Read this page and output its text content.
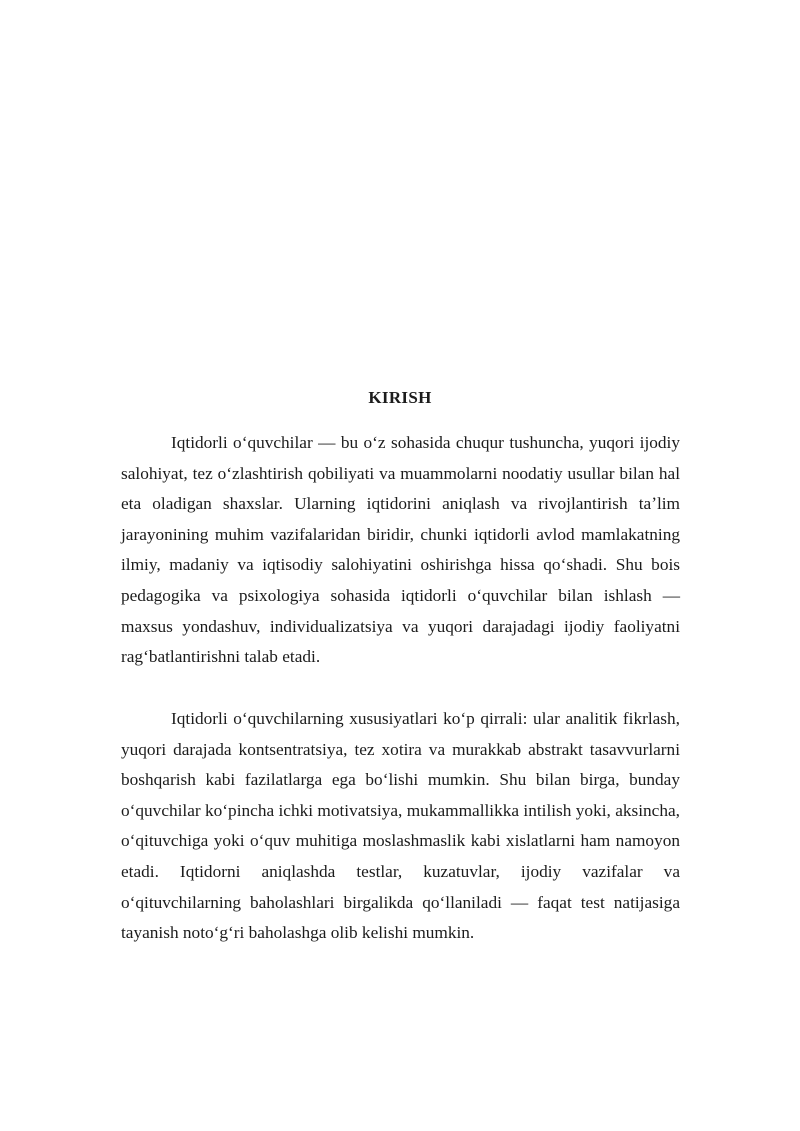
KIRISH

Iqtidorli oʻquvchilar — bu oʻz sohasida chuqur tushuncha, yuqori ijodiy salohiyat, tez oʻzlashtirish qobiliyati va muammolarni noodatiy usullar bilan hal eta oladigan shaxslar. Ularning iqtidorini aniqlash va rivojlantirish taʼlim jarayonining muhim vazifalaridan biridir, chunki iqtidorli avlod mamlakatning ilmiy, madaniy va iqtisodiy salohiyatini oshirishga hissa qoʻshadi. Shu bois pedagogika va psixologiya sohasida iqtidorli oʻquvchilar bilan ishlash — maxsus yondashuv, individualizatsiya va yuqori darajadagi ijodiy faoliyatni ragʻbatlantirishni talab etadi.

Iqtidorli oʻquvchilarning xususiyatlari koʻp qirrali: ular analitik fikrlash, yuqori darajada kontsentratsiya, tez xotira va murakkab abstrakt tasavvurlarni boshqarish kabi fazilatlarga ega boʻlishi mumkin. Shu bilan birga, bunday oʻquvchilar koʻpincha ichki motivatsiya, mukammallikka intilish yoki, aksincha, oʻqituvchiga yoki oʻquv muhitiga moslashmaslik kabi xislatlarni ham namoyon etadi. Iqtidorni aniqlashda testlar, kuzatuvlar, ijodiy vazifalar va oʻqituvchilarning baholashlari birgalikda qoʻllaniladi — faqat test natijasiga tayanish notoʻgʻri baholashga olib kelishi mumkin.
